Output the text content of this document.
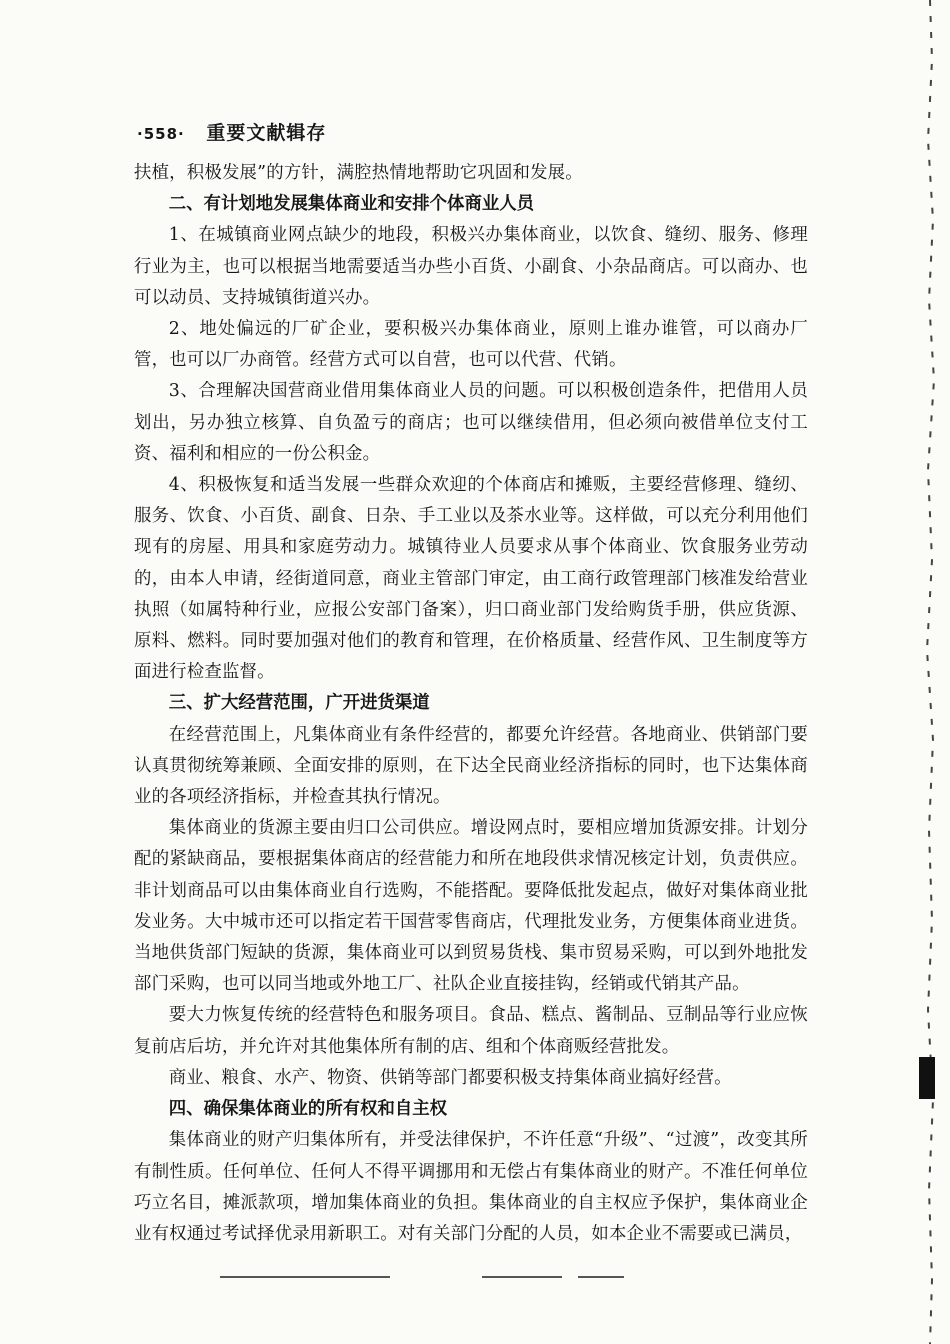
·558· 重要文献辑存

扶植，积极发展”的方针，满腔热情地帮助它巩固和发展。

二、有计划地发展集体商业和安排个体商业人员

1、在城镇商业网点缺少的地段，积极兴办集体商业，以饮食、缝纫、服务、修理行业为主，也可以根据当地需要适当办些小百货、小副食、小杂品商店。可以商办、也可以动员、支持城镇街道兴办。

2、地处偏远的厂矿企业，要积极兴办集体商业，原则上谁办谁管，可以商办厂管，也可以厂办商管。经营方式可以自营，也可以代营、代销。

3、合理解决国营商业借用集体商业人员的问题。可以积极创造条件，把借用人员划出，另办独立核算、自负盈亏的商店；也可以继续借用，但必须向被借单位支付工资、福利和相应的一份公积金。

4、积极恢复和适当发展一些群众欢迎的个体商店和摊贩，主要经营修理、缝纫、服务、饮食、小百货、副食、日杂、手工业以及茶水业等。这样做，可以充分利用他们现有的房屋、用具和家庭劳动力。城镇待业人员要求从事个体商业、饮食服务业劳动的，由本人申请，经街道同意，商业主管部门审定，由工商行政管理部门核准发给营业执照（如属特种行业，应报公安部门备案），归口商业部门发给购货手册，供应货源、原料、燃料。同时要加强对他们的教育和管理，在价格质量、经营作风、卫生制度等方面进行检查监督。

三、扩大经营范围，广开进货渠道

在经营范围上，凡集体商业有条件经营的，都要允许经营。各地商业、供销部门要认真贯彻统筹兼顾、全面安排的原则，在下达全民商业经济指标的同时，也下达集体商业的各项经济指标，并检查其执行情况。

集体商业的货源主要由归口公司供应。增设网点时，要相应增加货源安排。计划分配的紧缺商品，要根据集体商店的经营能力和所在地段供求情况核定计划，负责供应。非计划商品可以由集体商业自行选购，不能搭配。要降低批发起点，做好对集体商业批发业务。大中城市还可以指定若干国营零售商店，代理批发业务，方便集体商业进货。当地供货部门短缺的货源，集体商业可以到贸易货栈、集市贸易采购，可以到外地批发部门采购，也可以同当地或外地工厂、社队企业直接挂钩，经销或代销其产品。

要大力恢复传统的经营特色和服务项目。食品、糕点、酱制品、豆制品等行业应恢复前店后坊，并允许对其他集体所有制的店、组和个体商贩经营批发。

商业、粮食、水产、物资、供销等部门都要积极支持集体商业搞好经营。

四、确保集体商业的所有权和自主权

集体商业的财产归集体所有，并受法律保护，不许任意“升级”、“过渡”，改变其所有制性质。任何单位、任何人不得平调挪用和无偿占有集体商业的财产。不准任何单位巧立名目，摊派款项，增加集体商业的负担。集体商业的自主权应予保护，集体商业企业有权通过考试择优录用新职工。对有关部门分配的人员，如本企业不需要或已满员，
